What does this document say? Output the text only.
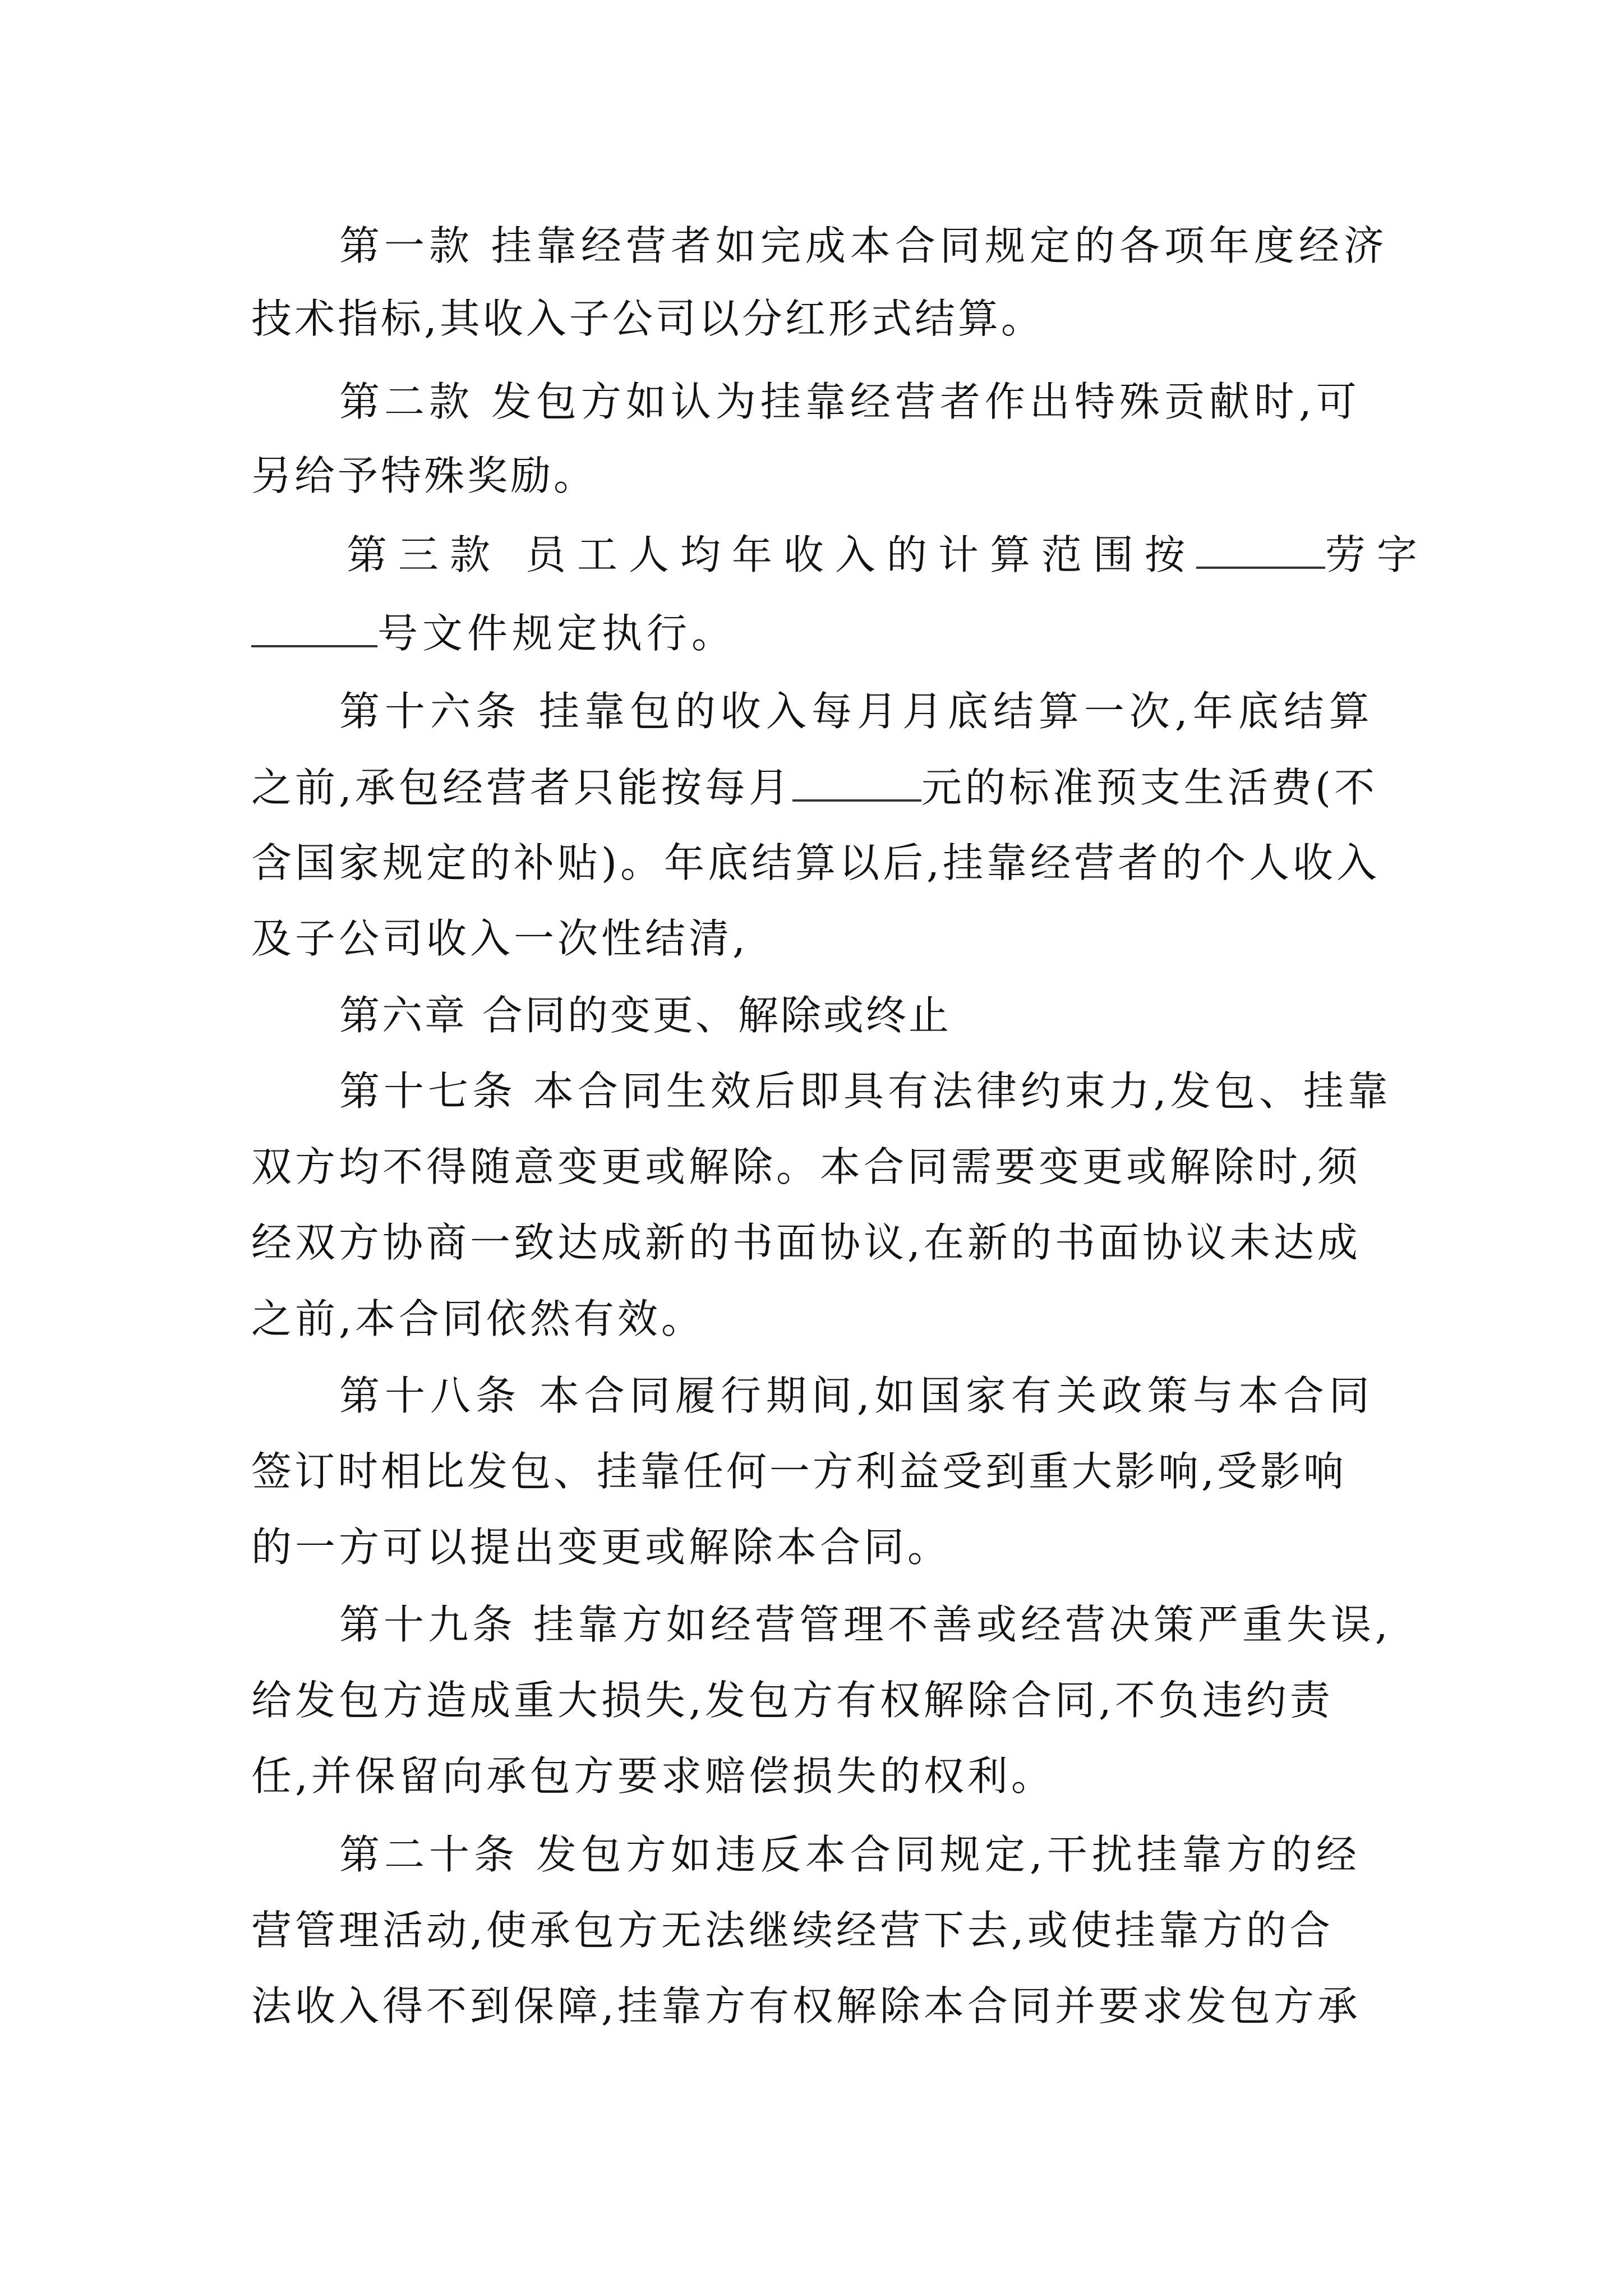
第一款 挂靠经营者如完成本合同规定的各项年度经济
技术指标,其收入子公司以分红形式结算。
第二款 发包方如认为挂靠经营者作出特殊贡献时,可
另给予特殊奖励。
第三款 员工人均年收入的计算范围按	劳字
号文件规定执行。
第十六条 挂靠包的收入每月月底结算一次,年底结算
之前,承包经营者只能按每月	元的标准预支生活费(不
含国家规定的补贴)。年底结算以后,挂靠经营者的个人收入
及子公司收入一次性结清,
第六章 合同的变更、解除或终止
第十七条 本合同生效后即具有法律约束力,发包、挂靠
双方均不得随意变更或解除。本合同需要变更或解除时,须
经双方协商一致达成新的书面协议,在新的书面协议未达成
之前,本合同依然有效。
第十八条 本合同履行期间,如国家有关政策与本合同
签订时相比发包、挂靠任何一方利益受到重大影响,受影响
的一方可以提出变更或解除本合同。
第十九条 挂靠方如经营管理不善或经营决策严重失误,
给发包方造成重大损失,发包方有权解除合同,不负违约责
任,并保留向承包方要求赔偿损失的权利。
第二十条 发包方如违反本合同规定,干扰挂靠方的经
营管理活动,使承包方无法继续经营下去,或使挂靠方的合
法收入得不到保障,挂靠方有权解除本合同并要求发包方承
